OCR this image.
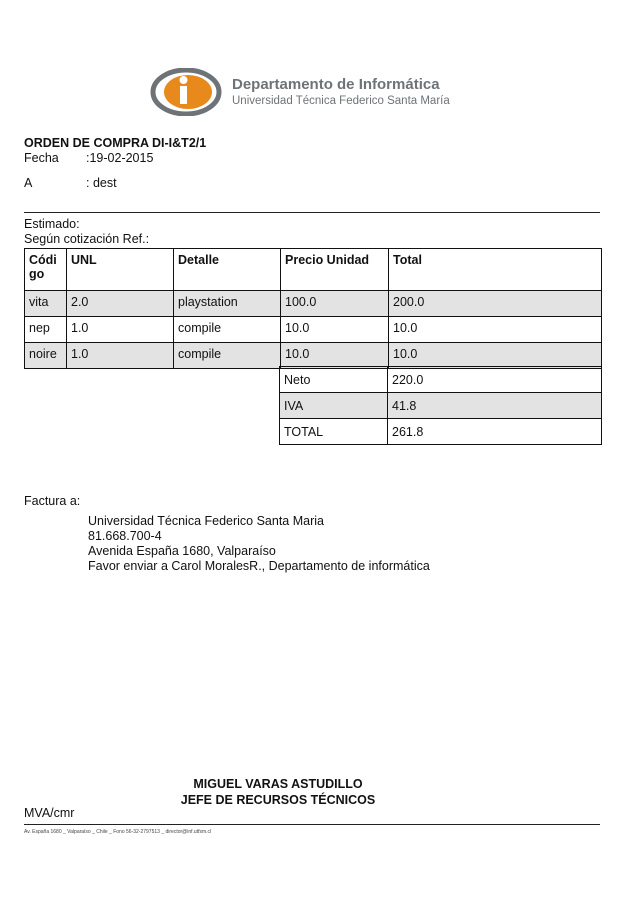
Departamento de Informática
Universidad Técnica Federico Santa María
ORDEN DE COMPRA DI-I&T2/1
Fecha :19-02-2015
A	: dest
Estimado:
Según cotización Ref.:
Códi go	UNL	Detalle	Precio Unidad	Total
vita	2.0	playstation	100.0	200.0
nep	1.0	compile	10.0	10.0
noire	1.0	compile	10.0	10.0
Neto	220.0
IVA	41.8
TOTAL	261.8
Factura a:
Universidad Técnica Federico Santa Maria
81.668.700-4
Avenida España 1680, Valparaíso
Favor enviar a Carol MoralesR., Departamento de informática
MIGUEL VARAS ASTUDILLO
JEFE DE RECURSOS TÉCNICOS
MVA/cmr
Av. España 1680 _ Valparaíso _ Chile _ Fono 56-32-2797513 _ director@inf.utfsm.cl
